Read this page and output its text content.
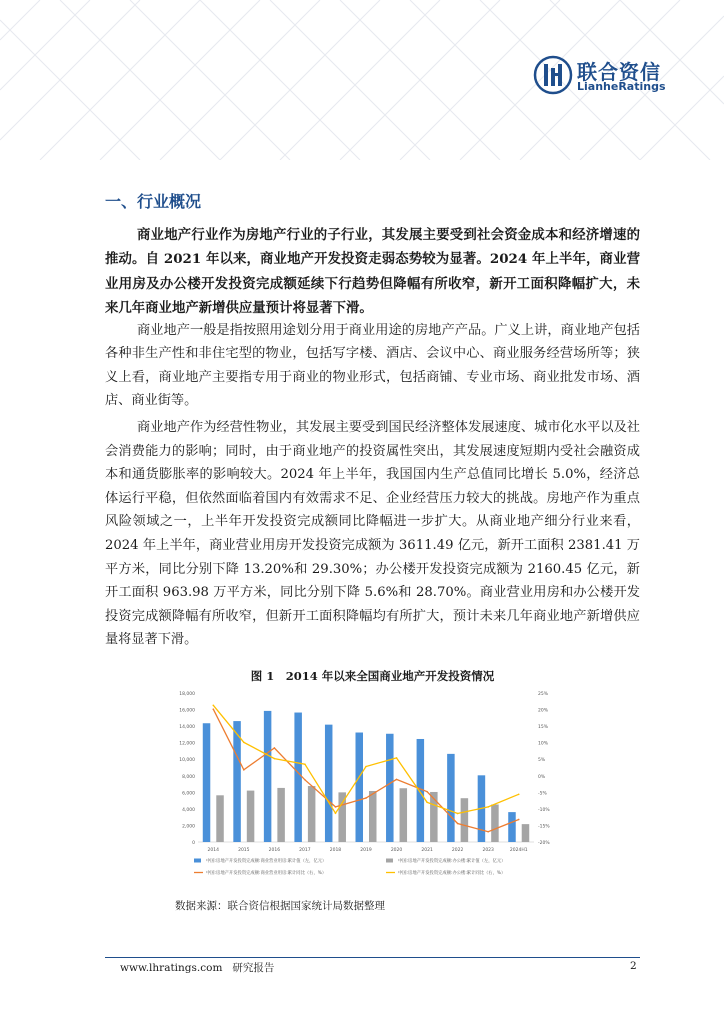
联合资信
LianheRatings
一、行业概况

商业地产行业作为房地产行业的子行业，其发展主要受到社会资金成本和经济增速的推动。自 2021 年以来，商业地产开发投资走弱态势较为显著。2024 年上半年，商业营业用房及办公楼开发投资完成额延续下行趋势但降幅有所收窄，新开工面积降幅扩大，未来几年商业地产新增供应量预计将显著下滑。

商业地产一般是指按照用途划分用于商业用途的房地产产品。广义上讲，商业地产包括各种非生产性和非住宅型的物业，包括写字楼、酒店、会议中心、商业服务经营场所等；狭义上看，商业地产主要指专用于商业的物业形式，包括商铺、专业市场、商业批发市场、酒店、商业街等。

商业地产作为经营性物业，其发展主要受到国民经济整体发展速度、城市化水平以及社会消费能力的影响；同时，由于商业地产的投资属性突出，其发展速度短期内受社会融资成本和通货膨胀率的影响较大。2024 年上半年，我国国内生产总值同比增长 5.0%，经济总体运行平稳，但依然面临着国内有效需求不足、企业经营压力较大的挑战。房地产作为重点风险领域之一，上半年开发投资完成额同比降幅进一步扩大。从商业地产细分行业来看，2024 年上半年，商业营业用房开发投资完成额为 3611.49 亿元，新开工面积 2381.41 万平方米，同比分别下降 13.20%和 29.30%；办公楼开发投资完成额为 2160.45 亿元，新开工面积 963.98 万平方米，同比分别下降 5.6%和 28.70%。商业营业用房和办公楼开发投资完成额降幅有所收窄，但新开工面积降幅均有所扩大，预计未来几年商业地产新增供应量将显著下滑。

图 1　2014 年以来全国商业地产开发投资情况
0
2,000
4,000
6,000
8,000
10,000
12,000
14,000
16,000
18,000
-20%
-15%
-10%
-5%
0%
5%
10%
15%
20%
25%
2014	2015	2016	2017	2018	2019	2020	2021	2022	2023	2024H1
中国:房地产开发投资完成额:商业营业用房:累计值（左，亿元）	中国:房地产开发投资完成额:办公楼:累计值（左，亿元）
中国:房地产开发投资完成额:商业营业用房:累计同比（右，%）	中国:房地产开发投资完成额:办公楼:累计同比（右，%）
数据来源：联合资信根据国家统计局数据整理
www.lhratings.com 研究报告	2
